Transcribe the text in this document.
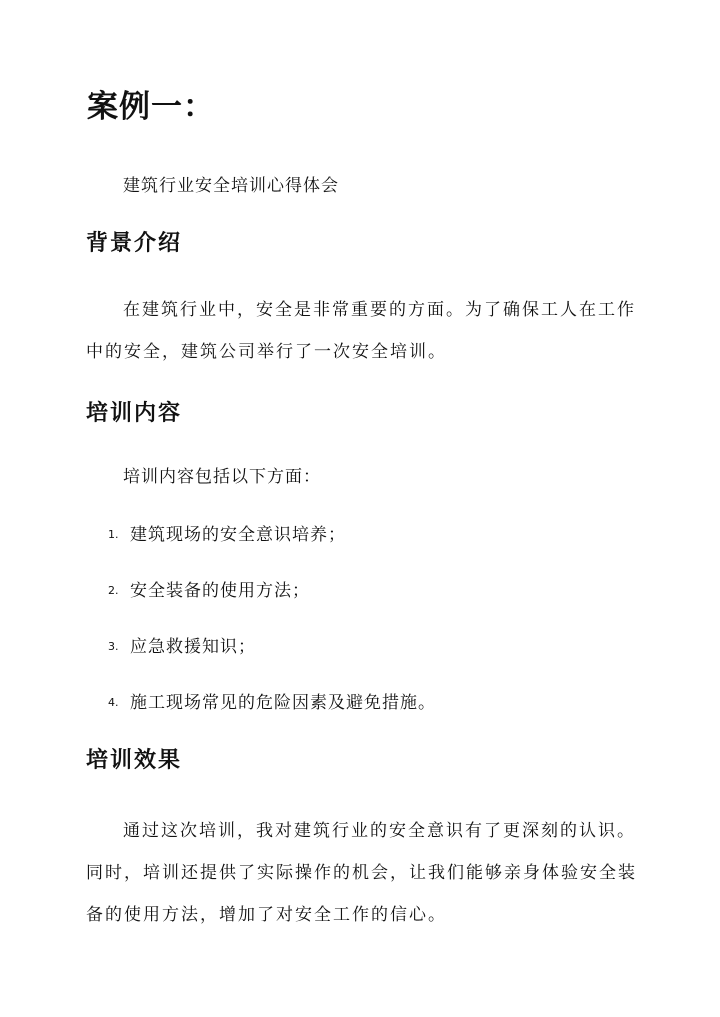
案例一：

建筑行业安全培训心得体会

背景介绍

在建筑行业中，安全是非常重要的方面。为了确保工人在工作中的安全，建筑公司举行了一次安全培训。

培训内容

培训内容包括以下方面：

1. 建筑现场的安全意识培养；
2. 安全装备的使用方法；
3. 应急救援知识；
4. 施工现场常见的危险因素及避免措施。
培训效果

通过这次培训，我对建筑行业的安全意识有了更深刻的认识。同时，培训还提供了实际操作的机会，让我们能够亲身体验安全装备的使用方法，增加了对安全工作的信心。
